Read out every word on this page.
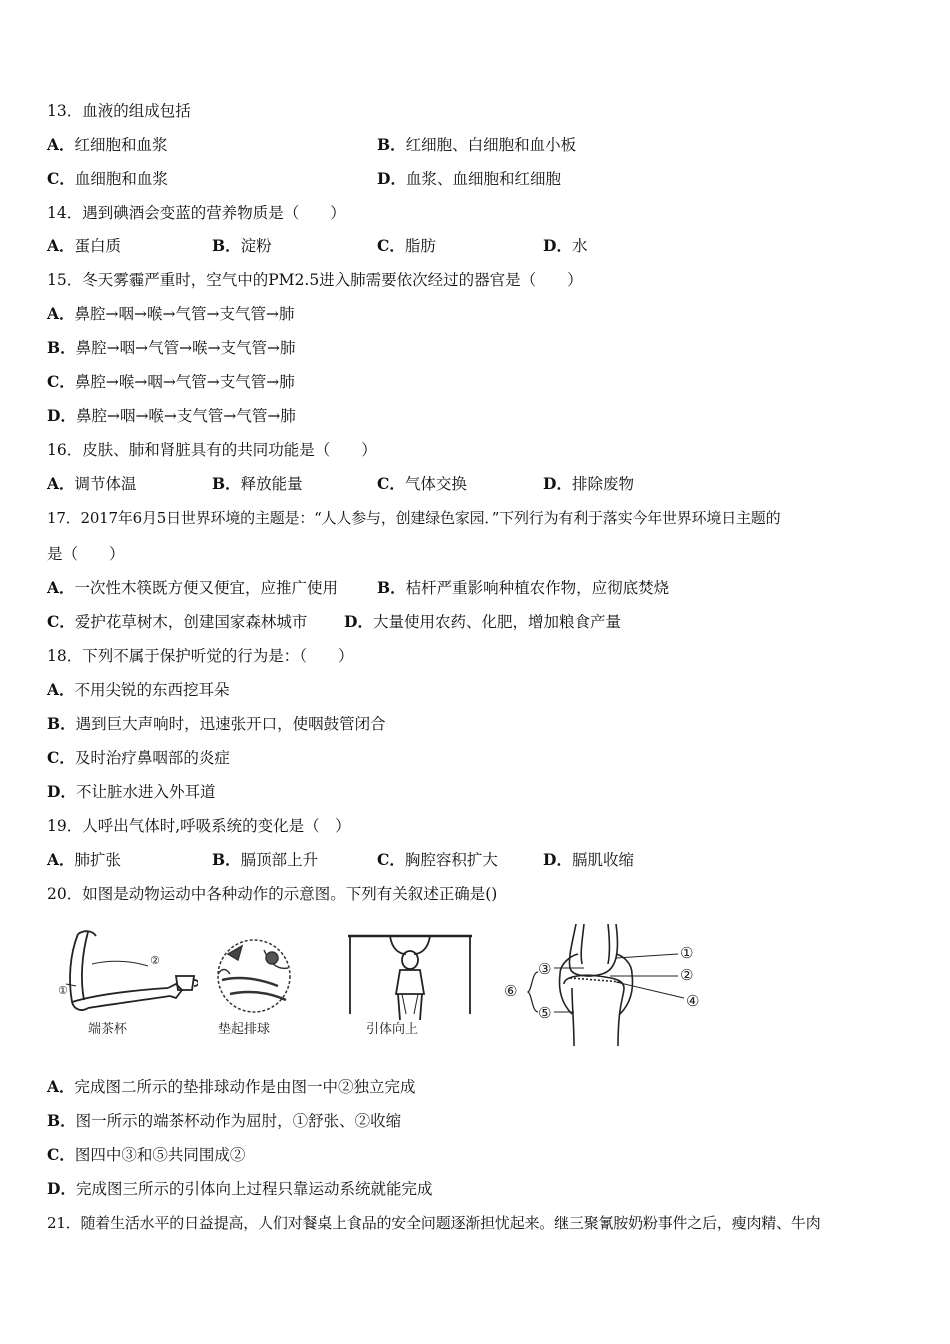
13．血液的组成包括
A．红细胞和血浆	B．红细胞、白细胞和血小板
C．血细胞和血浆	D．血浆、血细胞和红细胞
14．遇到碘酒会变蓝的营养物质是（　　）
A．蛋白质	B．淀粉	C．脂肪	D．水
15．冬天雾霾严重时，空气中的PM2.5进入肺需要依次经过的器官是（　　）
A．鼻腔→咽→喉→气管→支气管→肺
B．鼻腔→咽→气管→喉→支气管→肺
C．鼻腔→喉→咽→气管→支气管→肺
D．鼻腔→咽→喉→支气管→气管→肺
16．皮肤、肺和肾脏具有的共同功能是（　　）
A．调节体温	B．释放能量	C．气体交换	D．排除废物
17．2017年6月5日世界环境的主题是：“人人参与，创建绿色家园．”下列行为有利于落实今年世界环境日主题的
是（　　）
A．一次性木筷既方便又便宜，应推广使用	B．桔杆严重影响种植农作物，应彻底焚烧
C．爱护花草树木，创建国家森林城市 D．大量使用农药、化肥，增加粮食产量
18．下列不属于保护听觉的行为是：（　　）
A．不用尖锐的东西挖耳朵
B．遇到巨大声响时，迅速张开口，使咽鼓管闭合
C．及时治疗鼻咽部的炎症
D．不让脏水进入外耳道
19．人呼出气体时,呼吸系统的变化是（　）
A．肺扩张	B．膈顶部上升	C．胸腔容积扩大	D．膈肌收缩
20．如图是动物运动中各种动作的示意图。下列有关叙述正确是()
②
①
端茶杯	垫起排球	引体向上
①
②
③
④
⑤
⑥
A．完成图二所示的垫排球动作是由图一中②独立完成
B．图一所示的端茶杯动作为屈肘，①舒张、②收缩
C．图四中③和⑤共同围成②
D．完成图三所示的引体向上过程只靠运动系统就能完成
21．随着生活水平的日益提高，人们对餐桌上食品的安全问题逐渐担忧起来。继三聚氰胺奶粉事件之后，瘦肉精、牛肉
